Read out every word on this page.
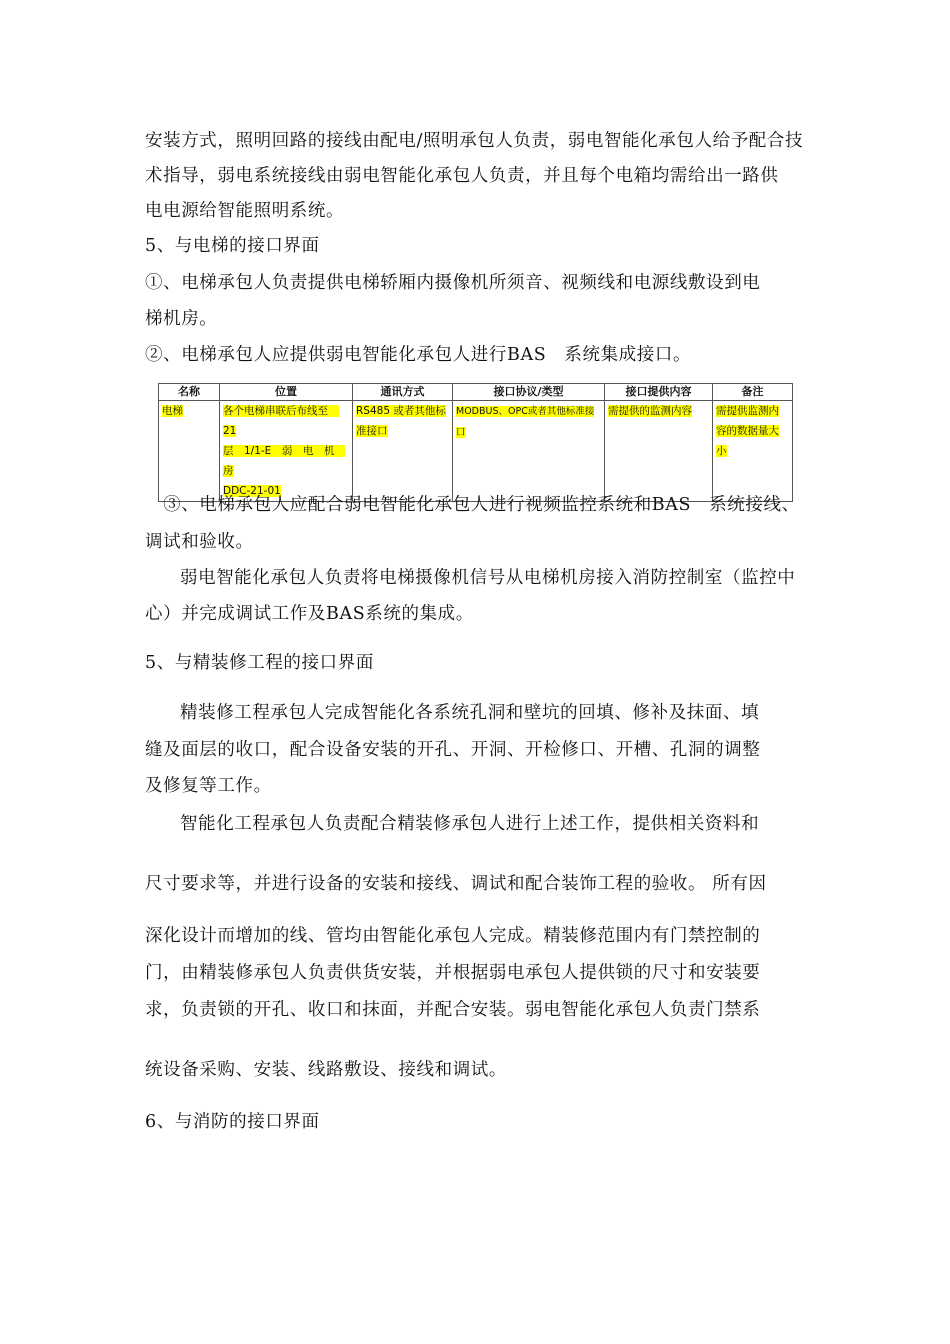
安装方式，照明回路的接线由配电/照明承包人负责，弱电智能化承包人给予配合技
术指导，弱电系统接线由弱电智能化承包人负责，并且每个电箱均需给出一路供
电电源给智能照明系统。
5、与电梯的接口界面
①、电梯承包人负责提供电梯轿厢内摄像机所须音、视频线和电源线敷设到电
梯机房。
②、电梯承包人应提供弱电智能化承包人进行BAS　系统集成接口。
名称	位置	通讯方式	接口协议/类型	接口提供内容	备注
电梯	各个电梯串联后布线至　21
层　1/1-E　弱　电　机　房
DDC-21-01	RS485 或者其他标
准接口	MODBUS、OPC或者其他标准接口	需提供的监测内容	需提供监测内
容的数据量大
小
　③、电梯承包人应配合弱电智能化承包人进行视频监控系统和BAS　系统接线、
调试和验收。
弱电智能化承包人负责将电梯摄像机信号从电梯机房接入消防控制室（监控中
心）并完成调试工作及BAS系统的集成。
5、与精装修工程的接口界面
精装修工程承包人完成智能化各系统孔洞和壁坑的回填、修补及抹面、填
缝及面层的收口，配合设备安装的开孔、开洞、开检修口、开槽、孔洞的调整
及修复等工作。
智能化工程承包人负责配合精装修承包人进行上述工作，提供相关资料和
尺寸要求等，并进行设备的安装和接线、调试和配合装饰工程的验收。 所有因
深化设计而增加的线、管均由智能化承包人完成。精装修范围内有门禁控制的
门，由精装修承包人负责供货安装，并根据弱电承包人提供锁的尺寸和安装要
求，负责锁的开孔、收口和抹面，并配合安装。弱电智能化承包人负责门禁系
统设备采购、安装、线路敷设、接线和调试。
6、与消防的接口界面
